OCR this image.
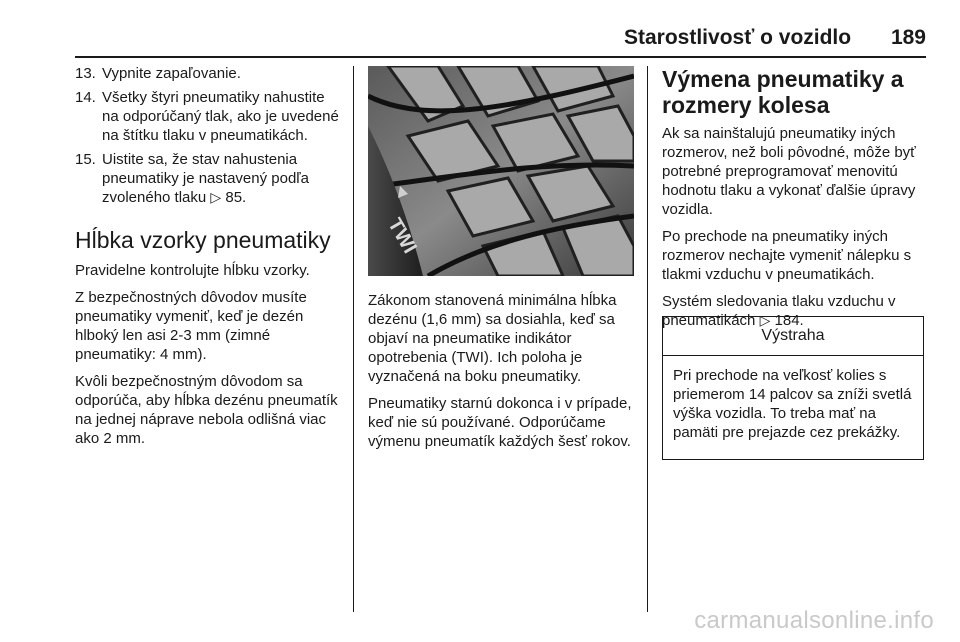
Starostlivosť o vozidlo	189
13. Vypnite zapaľovanie.
14. Všetky štyri pneumatiky nahustite na odporúčaný tlak, ako je uvedené na štítku tlaku v pneumatikách.
15. Uistite sa, že stav nahustenia pneumatiky je nastavený podľa zvoleného tlaku ▷ 85.
Hĺbka vzorky pneumatiky

Pravidelne kontrolujte hĺbku vzorky.

Z bezpečnostných dôvodov musíte pneumatiky vymeniť, keď je dezén hlboký len asi 2-3 mm (zimné pneumatiky: 4 mm).

Kvôli bezpečnostným dôvodom sa odporúča, aby hĺbka dezénu pneumatík na jednej náprave nebola odlišná viac ako 2 mm.

TWI

Zákonom stanovená minimálna hĺbka dezénu (1,6 mm) sa dosiahla, keď sa objaví na pneumatike indikátor opotrebenia (TWI). Ich poloha je vyznačená na boku pneumatiky.

Pneumatiky starnú dokonca i v prípade, keď nie sú používané. Odporúčame výmenu pneumatík každých šesť rokov.

Výmena pneumatiky a rozmery kolesa

Ak sa nainštalujú pneumatiky iných rozmerov, než boli pôvodné, môže byť potrebné preprogramovať menovitú hodnotu tlaku a vykonať ďalšie úpravy vozidla.

Po prechode na pneumatiky iných rozmerov nechajte vymeniť nálepku s tlakmi vzduchu v pneumatikách.

Systém sledovania tlaku vzduchu v pneumatikách ▷ 184.

Výstraha
Pri prechode na veľkosť kolies s priemerom 14 palcov sa zníži svetlá výška vozidla. To treba mať na pamäti pre prejazde cez prekážky.
carmanualsonline.info
